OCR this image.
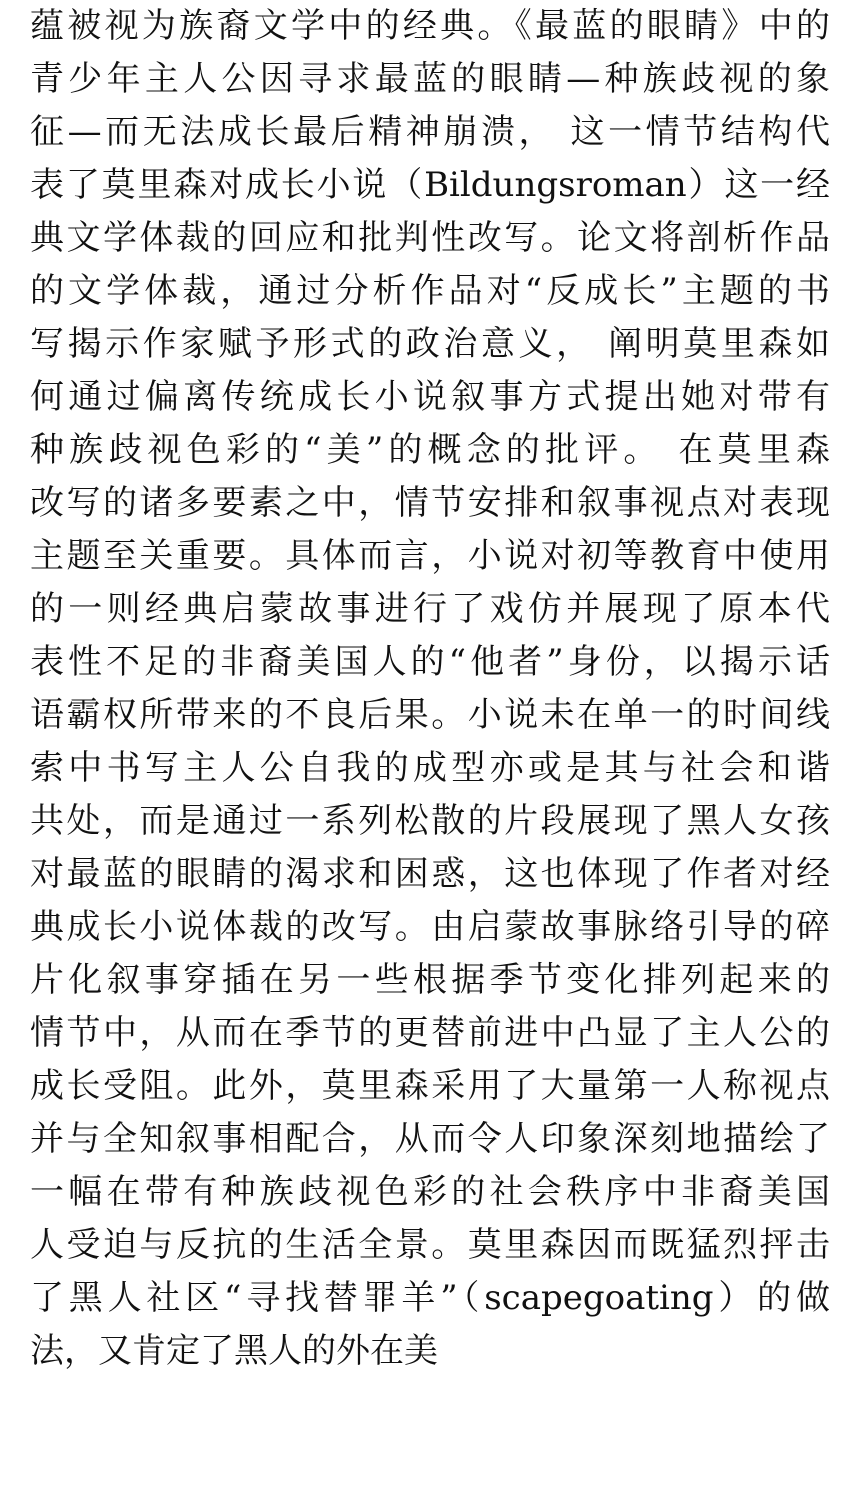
蕴被视为族裔文学中的经典。《最蓝的眼睛》中的
青少年主人公因寻求最蓝的眼睛—种族歧视的象
征—而无法成长最后精神崩溃， 这一情节结构代
表了莫里森对成长小说（Bildungsroman）这一经
典文学体裁的回应和批判性改写。论文将剖析作品
的文学体裁，通过分析作品对“反成长”主题的书
写揭示作家赋予形式的政治意义， 阐明莫里森如
何通过偏离传统成长小说叙事方式提出她对带有
种族歧视色彩的“美”的概念的批评。 在莫里森
改写的诸多要素之中，情节安排和叙事视点对表现
主题至关重要。具体而言，小说对初等教育中使用
的一则经典启蒙故事进行了戏仿并展现了原本代
表性不足的非裔美国人的“他者”身份，以揭示话
语霸权所带来的不良后果。小说未在单一的时间线
索中书写主人公自我的成型亦或是其与社会和谐
共处，而是通过一系列松散的片段展现了黑人女孩
对最蓝的眼睛的渴求和困惑，这也体现了作者对经
典成长小说体裁的改写。由启蒙故事脉络引导的碎
片化叙事穿插在另一些根据季节变化排列起来的
情节中，从而在季节的更替前进中凸显了主人公的
成长受阻。此外，莫里森采用了大量第一人称视点
并与全知叙事相配合，从而令人印象深刻地描绘了
一幅在带有种族歧视色彩的社会秩序中非裔美国
人受迫与反抗的生活全景。莫里森因而既猛烈抨击
了黑人社区“寻找替罪羊”（scapegoating）的做
法，又肯定了黑人的外在美
